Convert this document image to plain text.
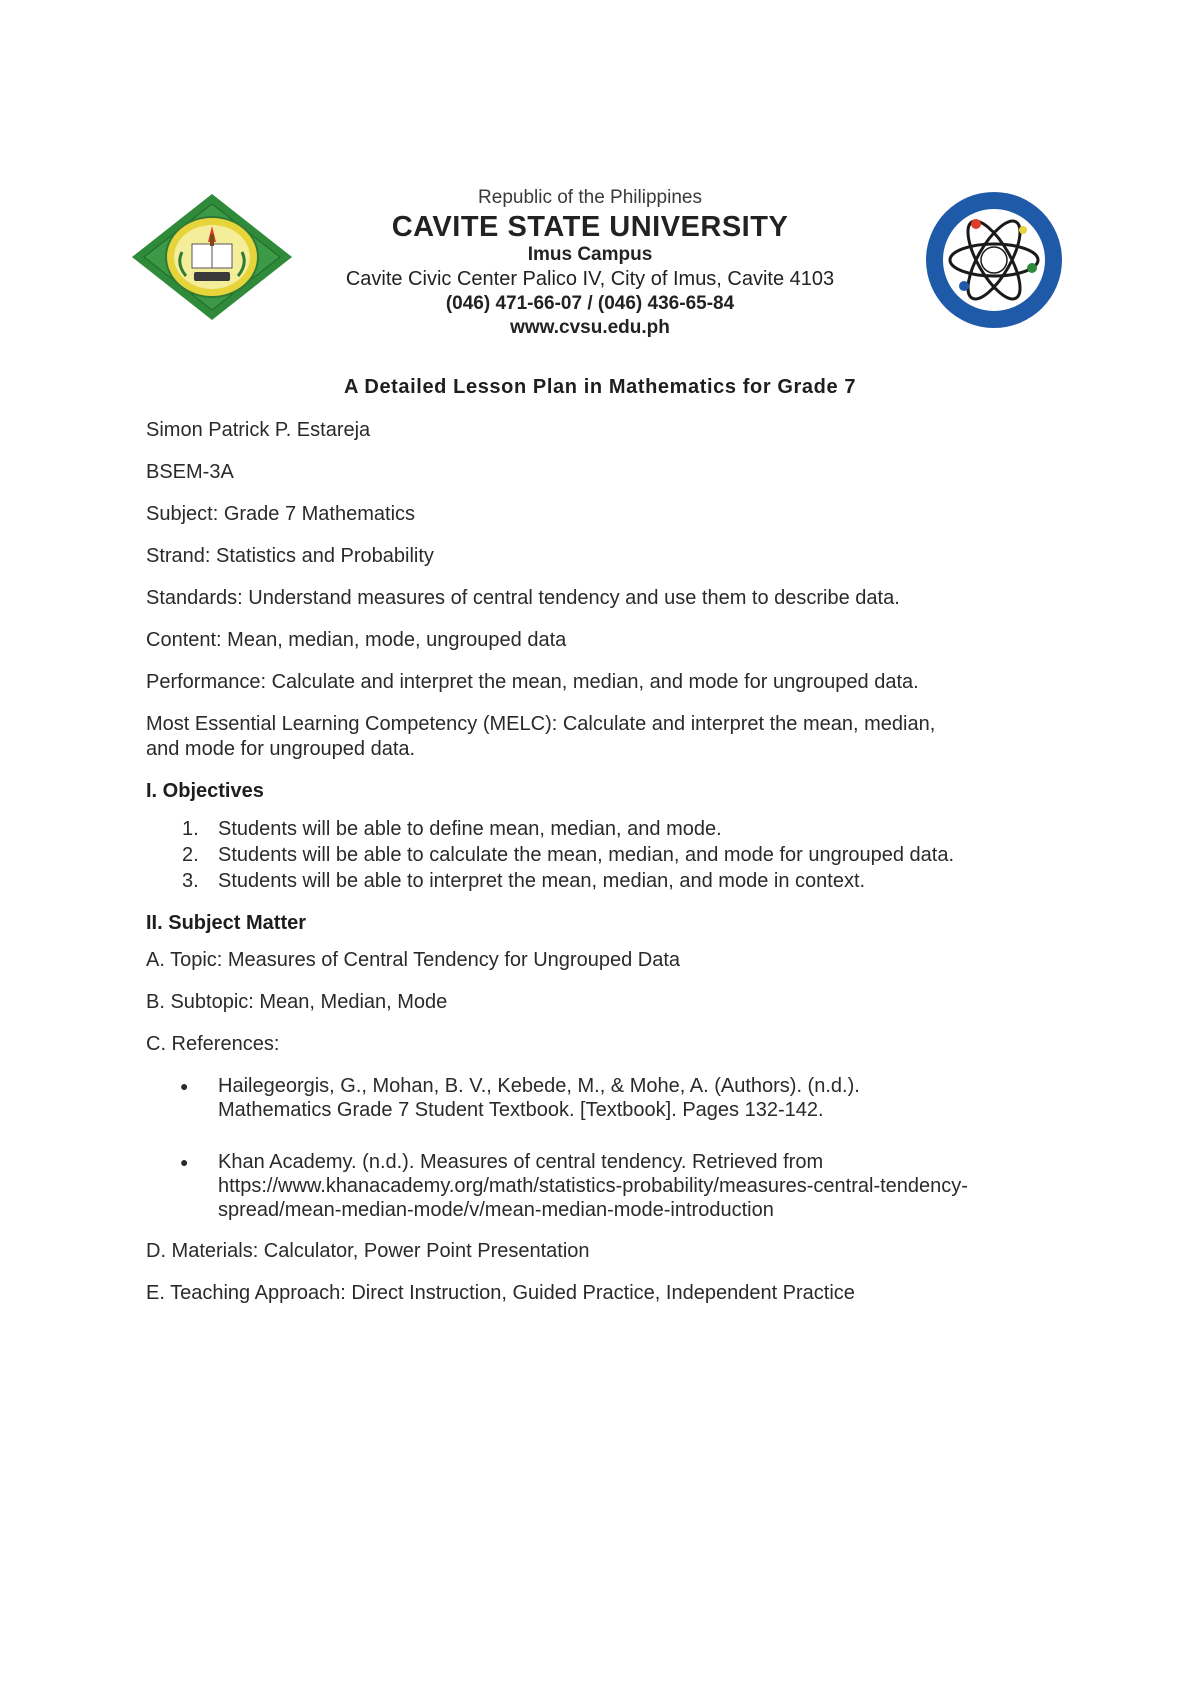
Republic of the Philippines
CAVITE STATE UNIVERSITY
Imus Campus
Cavite Civic Center Palico IV, City of Imus, Cavite 4103
(046) 471-66-07 / (046) 436-65-84
www.cvsu.edu.ph
A Detailed Lesson Plan in Mathematics for Grade 7
Simon Patrick P. Estareja
BSEM-3A
Subject: Grade 7 Mathematics
Strand: Statistics and Probability
Standards: Understand measures of central tendency and use them to describe data.
Content: Mean, median, mode, ungrouped data
Performance: Calculate and interpret the mean, median, and mode for ungrouped data.
Most Essential Learning Competency (MELC): Calculate and interpret the mean, median,
and mode for ungrouped data.
I. Objectives
1. Students will be able to define mean, median, and mode.
2. Students will be able to calculate the mean, median, and mode for ungrouped data.
3. Students will be able to interpret the mean, median, and mode in context.
II. Subject Matter
A. Topic: Measures of Central Tendency for Ungrouped Data
B. Subtopic: Mean, Median, Mode
C. References:
● Hailegeorgis, G., Mohan, B. V., Kebede, M., & Mohe, A. (Authors). (n.d.).
Mathematics Grade 7 Student Textbook. [Textbook]. Pages 132-142.
● Khan Academy. (n.d.). Measures of central tendency. Retrieved from
https://www.khanacademy.org/math/statistics-probability/measures-central-tendency-
spread/mean-median-mode/v/mean-median-mode-introduction
D. Materials: Calculator, Power Point Presentation
E. Teaching Approach: Direct Instruction, Guided Practice, Independent Practice
